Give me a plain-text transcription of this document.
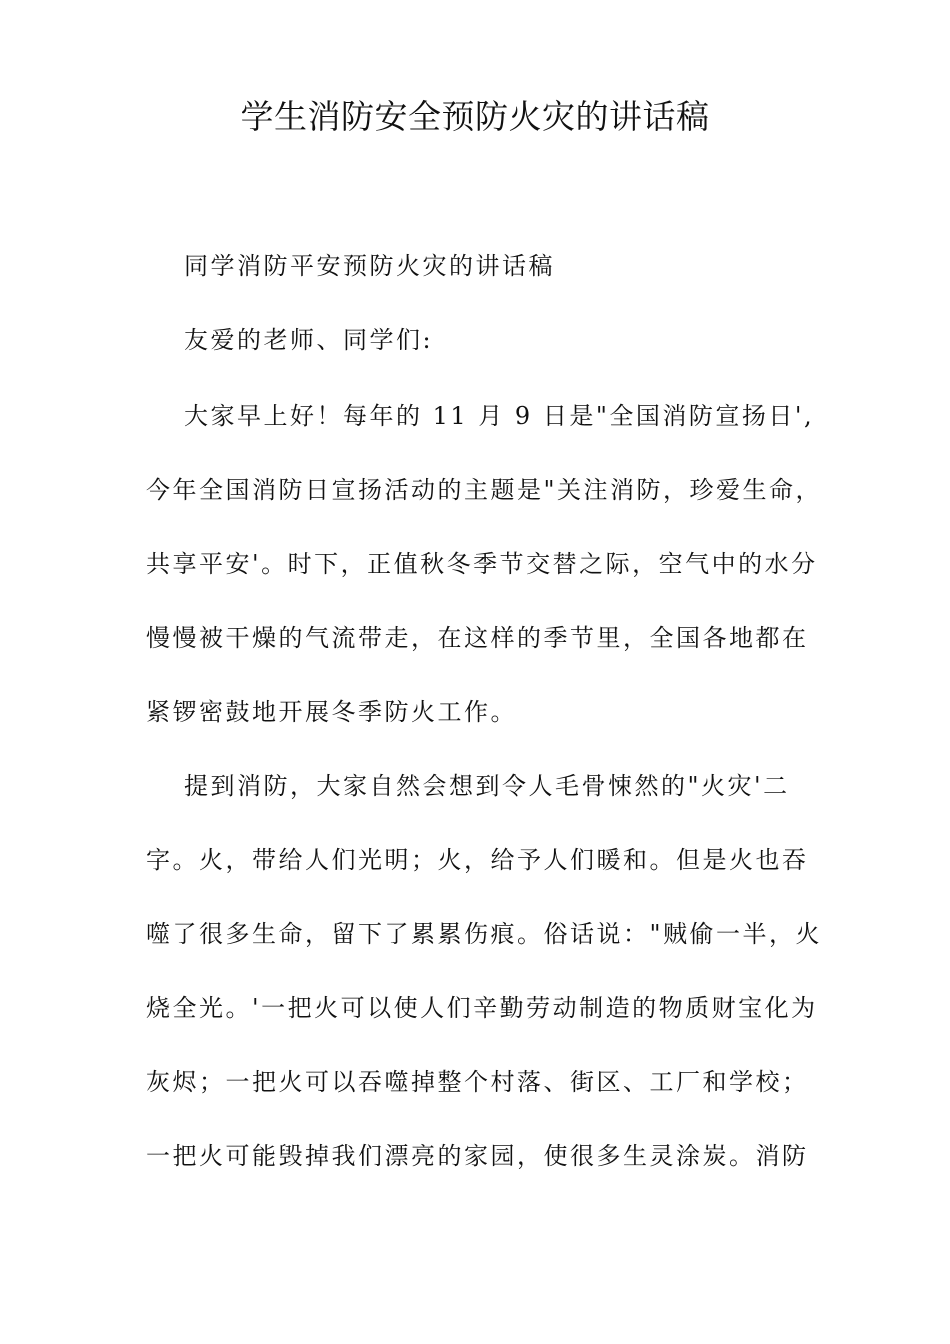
学生消防安全预防火灾的讲话稿
同学消防平安预防火灾的讲话稿
友爱的老师、同学们:
大家早上好！每年的 11 月 9 日是"全国消防宣扬日',
今年全国消防日宣扬活动的主题是"关注消防，珍爱生命，
共享平安'。时下，正值秋冬季节交替之际，空气中的水分
慢慢被干燥的气流带走，在这样的季节里，全国各地都在
紧锣密鼓地开展冬季防火工作。
提到消防，大家自然会想到令人毛骨悚然的"火灾'二
字。火，带给人们光明；火，给予人们暖和。但是火也吞
噬了很多生命，留下了累累伤痕。俗话说："贼偷一半，火
烧全光。'一把火可以使人们辛勤劳动制造的物质财宝化为
灰烬；一把火可以吞噬掉整个村落、街区、工厂和学校；
一把火可能毁掉我们漂亮的家园，使很多生灵涂炭。消防
